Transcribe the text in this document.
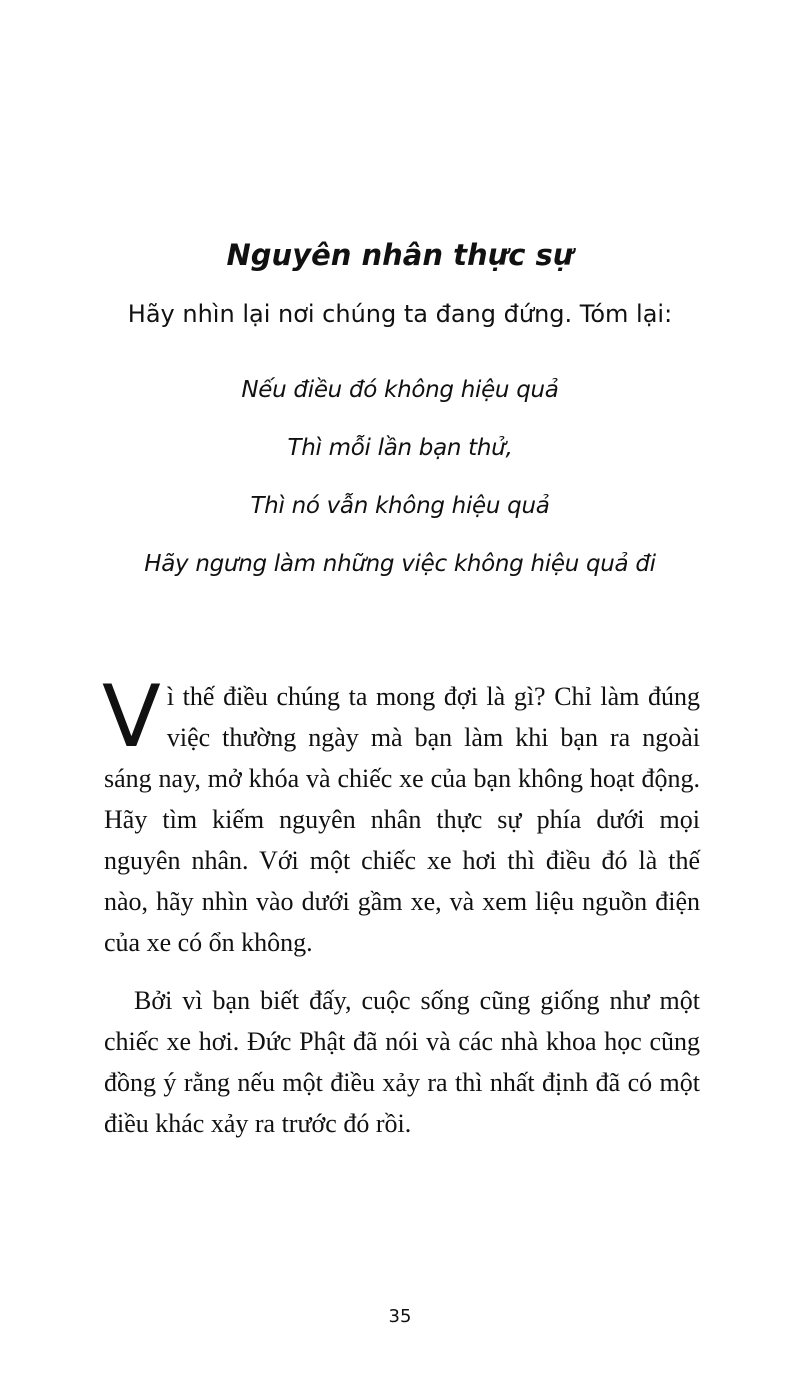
Nguyên nhân thực sự

Hãy nhìn lại nơi chúng ta đang đứng. Tóm lại:

Nếu điều đó không hiệu quả

Thì mỗi lần bạn thử,

Thì nó vẫn không hiệu quả

Hãy ngưng làm những việc không hiệu quả đi

Vì thế điều chúng ta mong đợi là gì? Chỉ làm đúng việc thường ngày mà bạn làm khi bạn ra ngoài sáng nay, mở khóa và chiếc xe của bạn không hoạt động. Hãy tìm kiếm nguyên nhân thực sự phía dưới mọi nguyên nhân. Với một chiếc xe hơi thì điều đó là thế nào, hãy nhìn vào dưới gầm xe, và xem liệu nguồn điện của xe có ổn không.

Bởi vì bạn biết đấy, cuộc sống cũng giống như một chiếc xe hơi. Đức Phật đã nói và các nhà khoa học cũng đồng ý rằng nếu một điều xảy ra thì nhất định đã có một điều khác xảy ra trước đó rồi.

35
